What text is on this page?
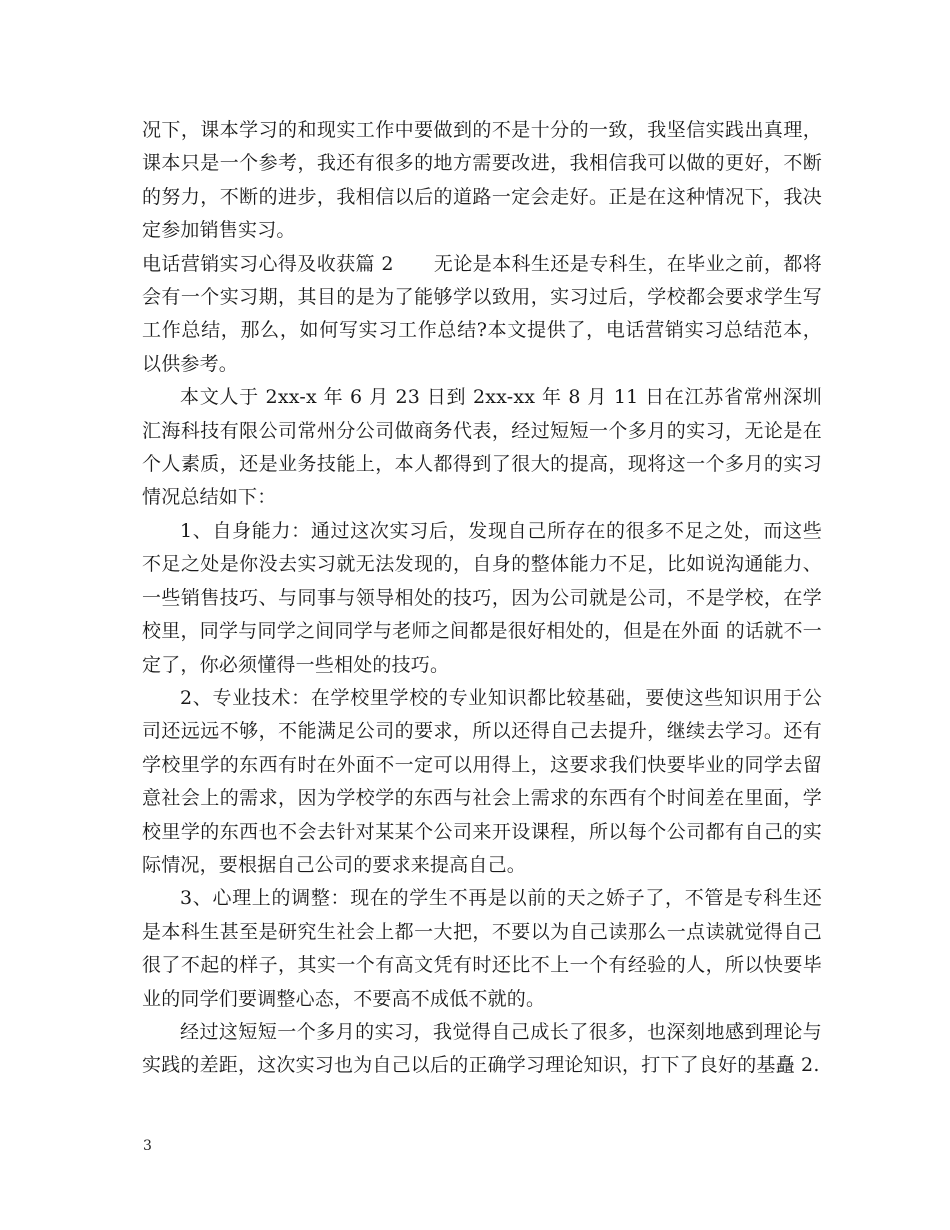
况下，课本学习的和现实工作中要做到的不是十分的一致，我坚信实践出真理，课本只是一个参考，我还有很多的地方需要改进，我相信我可以做的更好，不断的努力，不断的进步，我相信以后的道路一定会走好。正是在这种情况下，我决定参加销售实习。

电话营销实习心得及收获篇 2 无论是本科生还是专科生，在毕业之前，都将会有一个实习期，其目的是为了能够学以致用，实习过后，学校都会要求学生写工作总结，那么，如何写实习工作总结?本文提供了，电话营销实习总结范本，以供参考。

本文人于 2xx-x 年 6 月 23 日到 2xx-xx 年 8 月 11 日在江苏省常州深圳汇海科技有限公司常州分公司做商务代表，经过短短一个多月的实习，无论是在个人素质，还是业务技能上，本人都得到了很大的提高，现将这一个多月的实习情况总结如下：

1、自身能力：通过这次实习后，发现自己所存在的很多不足之处，而这些不足之处是你没去实习就无法发现的，自身的整体能力不足，比如说沟通能力、一些销售技巧、与同事与领导相处的技巧，因为公司就是公司，不是学校，在学校里，同学与同学之间同学与老师之间都是很好相处的，但是在外面 的话就不一定了，你必须懂得一些相处的技巧。

2、专业技术：在学校里学校的专业知识都比较基础，要使这些知识用于公司还远远不够，不能满足公司的要求，所以还得自己去提升，继续去学习。还有学校里学的东西有时在外面不一定可以用得上，这要求我们快要毕业的同学去留意社会上的需求，因为学校学的东西与社会上需求的东西有个时间差在里面，学校里学的东西也不会去针对某某个公司来开设课程，所以每个公司都有自己的实际情况，要根据自己公司的要求来提高自己。

3、心理上的调整：现在的学生不再是以前的天之娇子了，不管是专科生还是本科生甚至是研究生社会上都一大把，不要以为自己读那么一点读就觉得自己很了不起的样子，其实一个有高文凭有时还比不上一个有经验的人，所以快要毕业的同学们要调整心态，不要高不成低不就的。

经过这短短一个多月的实习，我觉得自己成长了很多，也深刻地感到理论与实践的差距，这次实习也为自己以后的正确学习理论知识，打下了良好的基矗 2.

3
